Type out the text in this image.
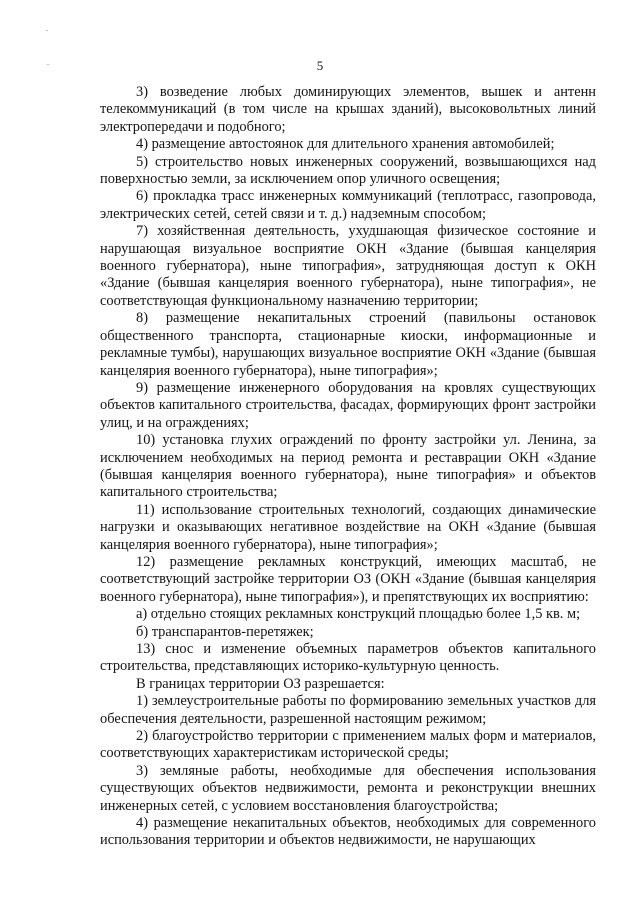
5

3) возведение любых доминирующих элементов, вышек и антенн телекоммуникаций (в том числе на крышах зданий), высоковольтных линий электропередачи и подобного;

4) размещение автостоянок для длительного хранения автомобилей;

5) строительство новых инженерных сооружений, возвышающихся над поверхностью земли, за исключением опор уличного освещения;

6) прокладка трасс инженерных коммуникаций (теплотрасс, газопровода, электрических сетей, сетей связи и т. д.) надземным способом;

7) хозяйственная деятельность, ухудшающая физическое состояние и нарушающая визуальное восприятие ОКН «Здание (бывшая канцелярия военного губернатора), ныне типография», затрудняющая доступ к ОКН «Здание (бывшая канцелярия военного губернатора), ныне типография», не соответствующая функциональному назначению территории;

8) размещение некапитальных строений (павильоны остановок общественного транспорта, стационарные киоски, информационные и рекламные тумбы), нарушающих визуальное восприятие ОКН «Здание (бывшая канцелярия военного губернатора), ныне типография»;

9) размещение инженерного оборудования на кровлях существующих объектов капитального строительства, фасадах, формирующих фронт застройки улиц, и на ограждениях;

10) установка глухих ограждений по фронту застройки ул. Ленина, за исключением необходимых на период ремонта и реставрации ОКН «Здание (бывшая канцелярия военного губернатора), ныне типография» и объектов капитального строительства;

11) использование строительных технологий, создающих динамические нагрузки и оказывающих негативное воздействие на ОКН «Здание (бывшая канцелярия военного губернатора), ныне типография»;

12) размещение рекламных конструкций, имеющих масштаб, не соответствующий застройке территории ОЗ (ОКН «Здание (бывшая канцелярия военного губернатора), ныне типография»), и препятствующих их восприятию:

а) отдельно стоящих рекламных конструкций площадью более 1,5 кв. м;

б) транспарантов-перетяжек;

13) снос и изменение объемных параметров объектов капитального строительства, представляющих историко-культурную ценность.

В границах территории ОЗ разрешается:

1) землеустроительные работы по формированию земельных участков для обеспечения деятельности, разрешенной настоящим режимом;

2) благоустройство территории с применением малых форм и материалов, соответствующих характеристикам исторической среды;

3) земляные работы, необходимые для обеспечения использования существующих объектов недвижимости, ремонта и реконструкции внешних инженерных сетей, с условием восстановления благоустройства;

4) размещение некапитальных объектов, необходимых для современного использования территории и объектов недвижимости, не нарушающих
